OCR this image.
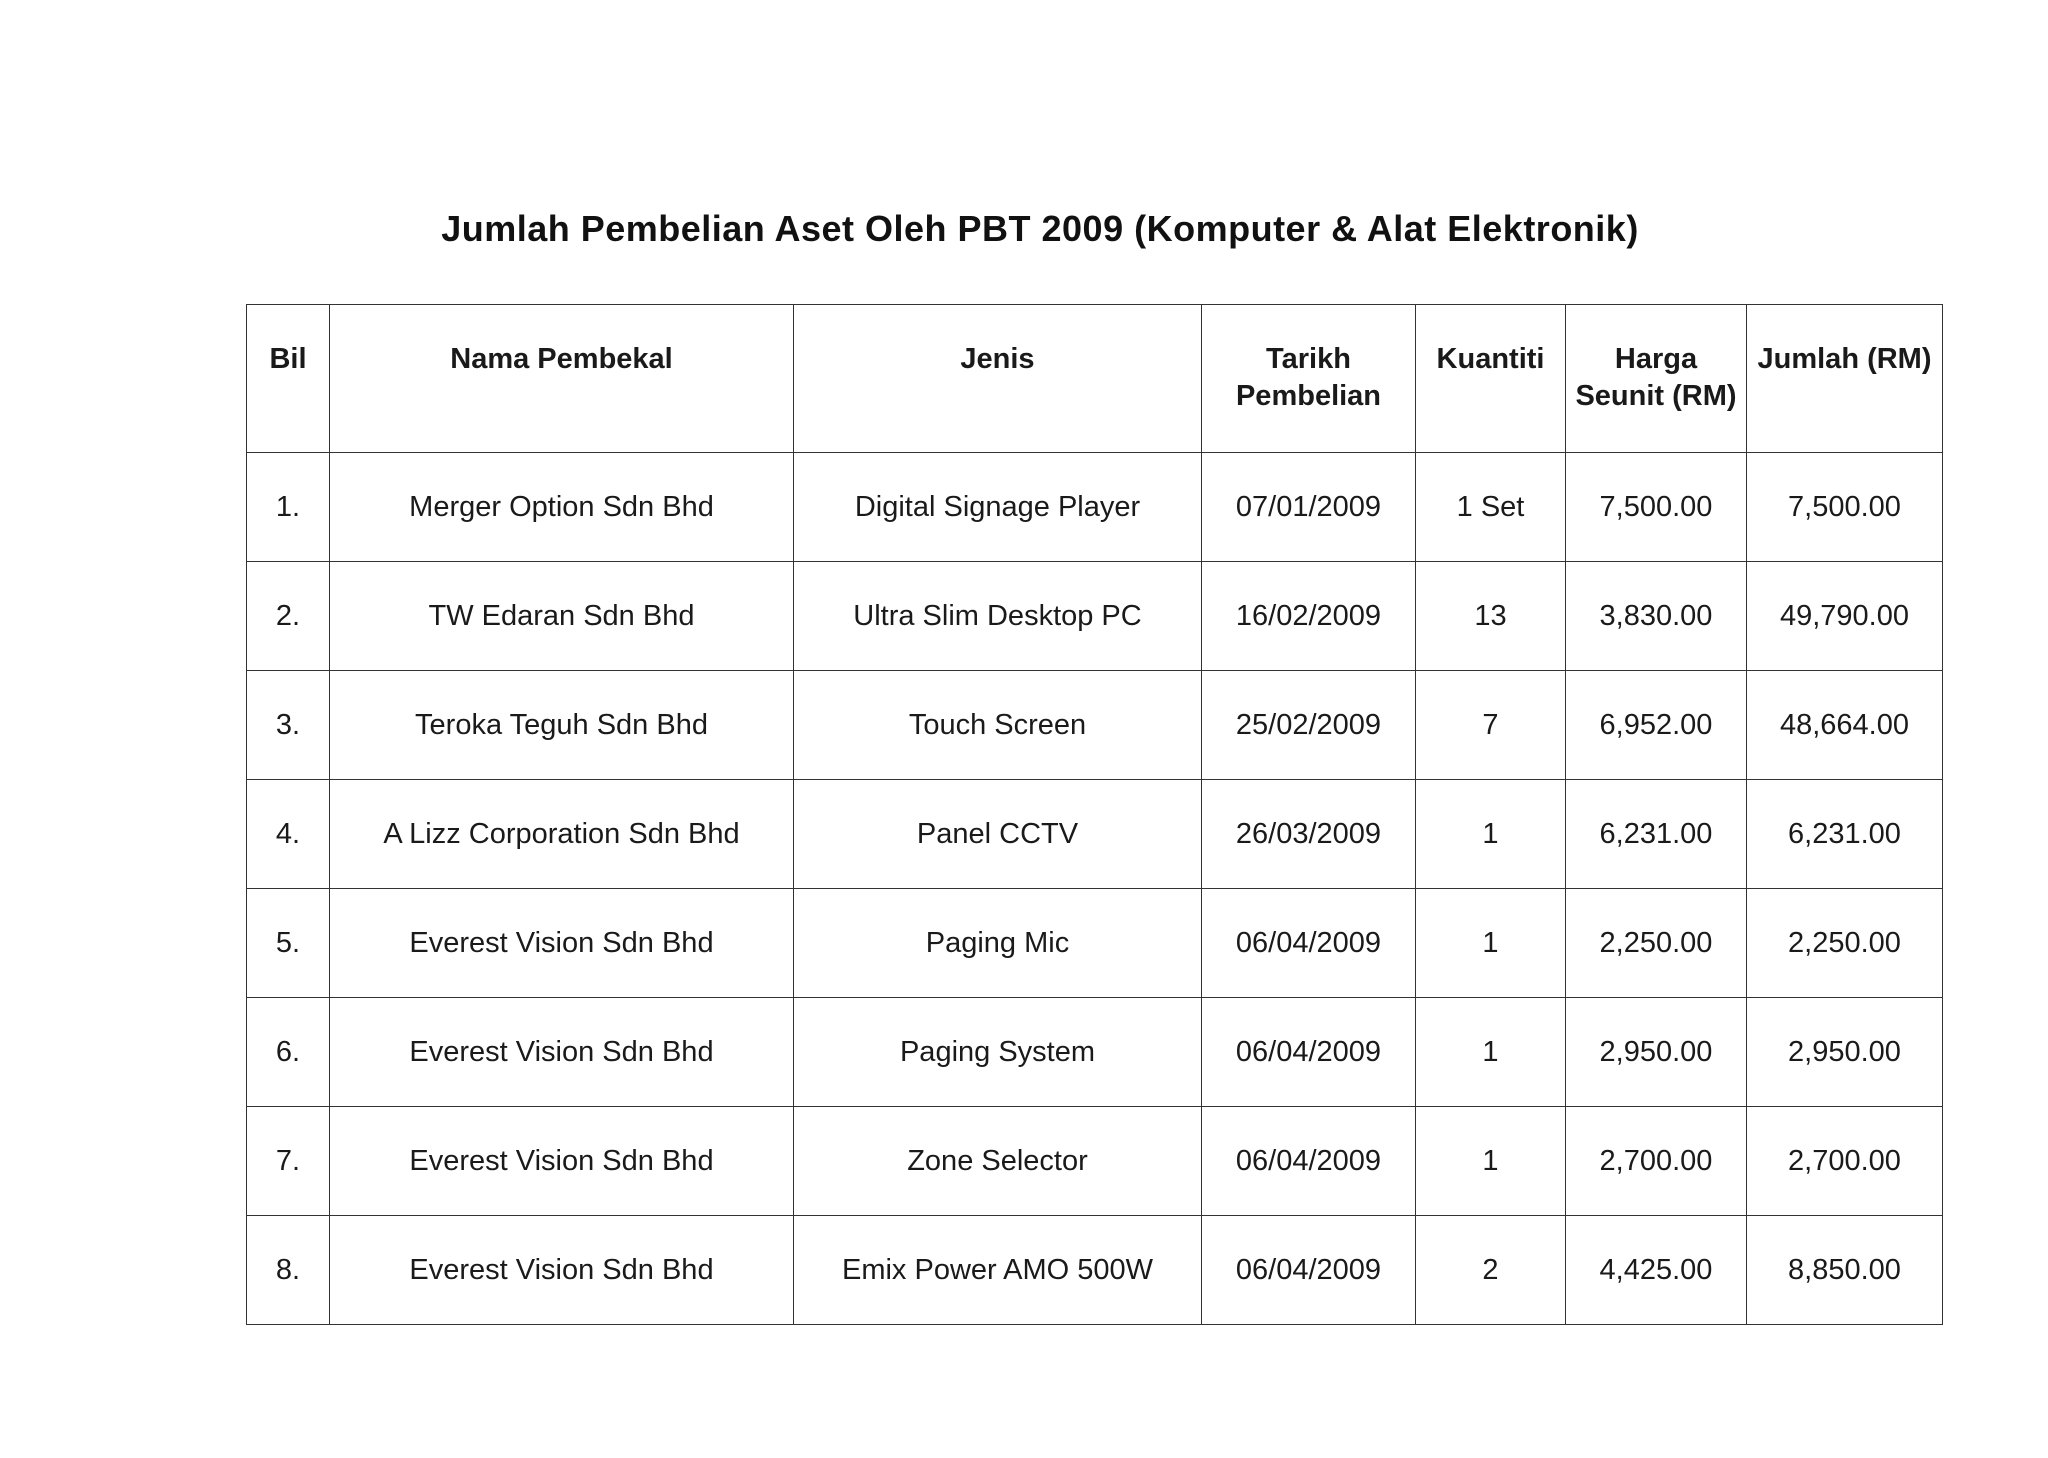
Jumlah Pembelian Aset Oleh PBT 2009 (Komputer & Alat Elektronik)
Bil	Nama Pembekal	Jenis	Tarikh Pembelian	Kuantiti	Harga Seunit (RM)	Jumlah (RM)
1.	Merger Option Sdn Bhd	Digital Signage Player	07/01/2009	1 Set	7,500.00	7,500.00
2.	TW Edaran Sdn Bhd	Ultra Slim Desktop PC	16/02/2009	13	3,830.00	49,790.00
3.	Teroka Teguh Sdn Bhd	Touch Screen	25/02/2009	7	6,952.00	48,664.00
4.	A Lizz Corporation Sdn Bhd	Panel CCTV	26/03/2009	1	6,231.00	6,231.00
5.	Everest Vision Sdn Bhd	Paging Mic	06/04/2009	1	2,250.00	2,250.00
6.	Everest Vision Sdn Bhd	Paging System	06/04/2009	1	2,950.00	2,950.00
7.	Everest Vision Sdn Bhd	Zone Selector	06/04/2009	1	2,700.00	2,700.00
8.	Everest Vision Sdn Bhd	Emix Power AMO 500W	06/04/2009	2	4,425.00	8,850.00
